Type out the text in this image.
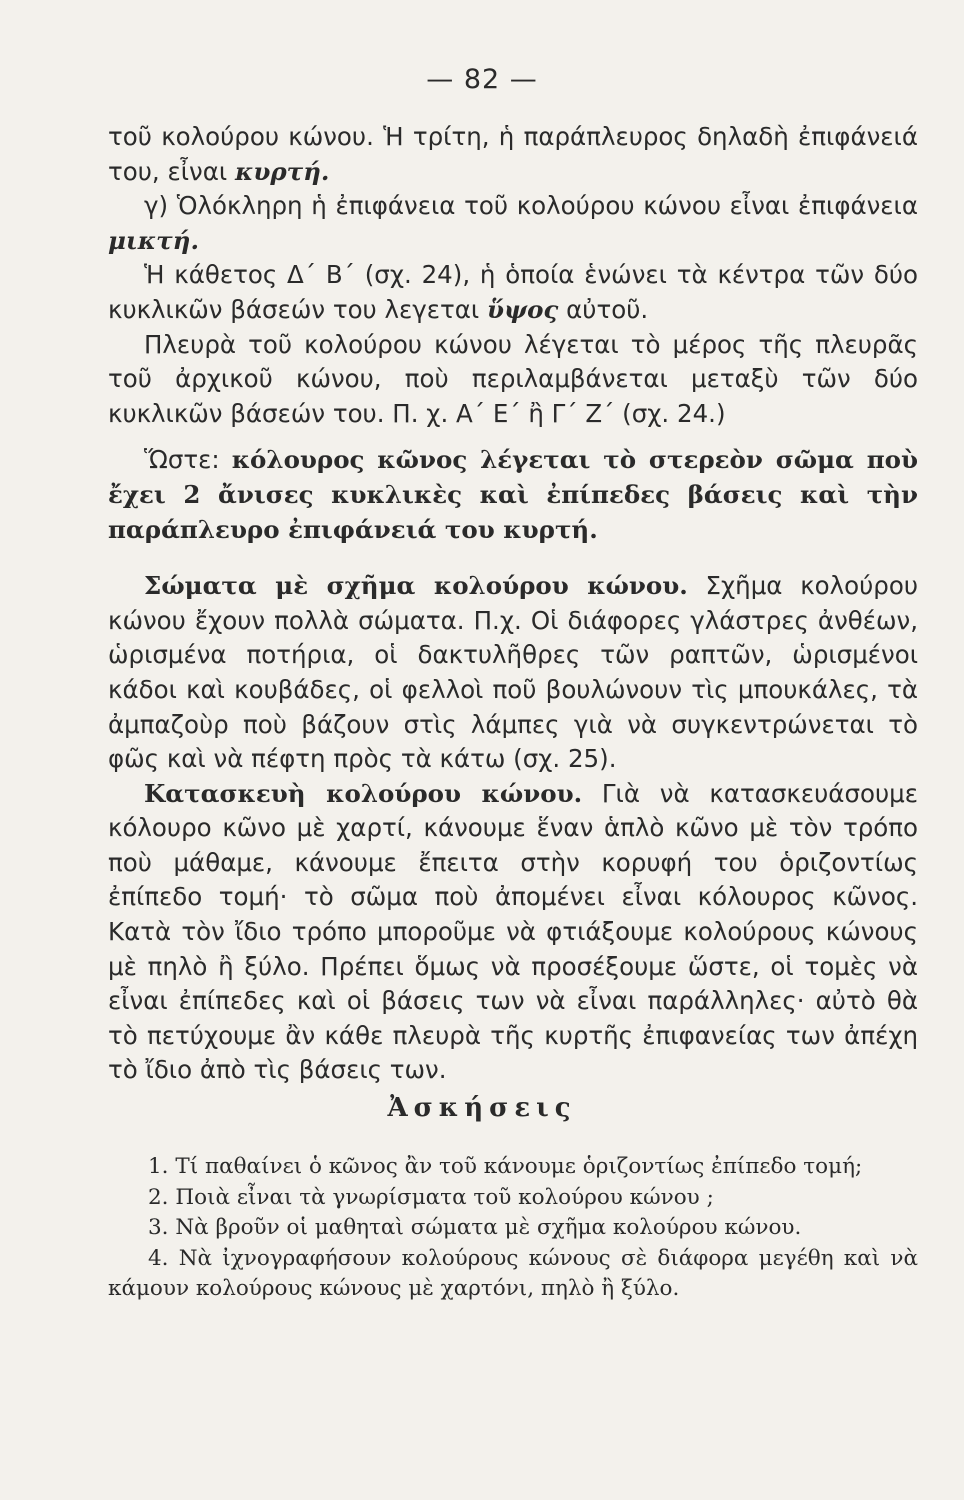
— 82 —

τοῦ κολούρου κώνου. Ἡ τρίτη, ἡ παράπλευρος δηλαδὴ ἐπιφάνειά του, εἶναι κυρτή.

γ) Ὁλόκληρη ἡ ἐπιφάνεια τοῦ κολούρου κώνου εἶναι ἐπιφάνεια μικτή.

Ἡ κάθετος Δ΄ Β΄ (σχ. 24), ἡ ὁποία ἑνώνει τὰ κέντρα τῶν δύο κυκλικῶν βάσεών του λεγεται ὕψος αὐτοῦ.

Πλευρὰ τοῦ κολούρου κώνου λέγεται τὸ μέρος τῆς πλευρᾶς τοῦ ἀρχικοῦ κώνου, ποὺ περιλαμβάνεται μεταξὺ τῶν δύο κυκλικῶν βάσεών του. Π. χ. Α΄ Ε΄ ἢ Γ΄ Ζ΄ (σχ. 24.)

Ὥστε: κόλουρος κῶνος λέγεται τὸ στερεὸν σῶμα ποὺ ἔχει 2 ἄνισες κυκλικὲς καὶ ἐπίπεδες βάσεις καὶ τὴν παράπλευρο ἐπιφάνειά του κυρτή.

Σώματα μὲ σχῆμα κολούρου κώνου. Σχῆμα κολούρου κώνου ἔχουν πολλὰ σώματα. Π.χ. Οἱ διάφορες γλάστρες ἀνθέων, ὡρισμένα ποτήρια, οἱ δακτυλῆθρες τῶν ραπτῶν, ὡρισμένοι κάδοι καὶ κουβάδες, οἱ φελλοὶ ποῦ βουλώνουν τὶς μπουκάλες, τὰ ἀμπαζοὺρ ποὺ βάζουν στὶς λάμπες γιὰ νὰ συγκεντρώνεται τὸ φῶς καὶ νὰ πέφτη πρὸς τὰ κάτω (σχ. 25).

Κατασκευὴ κολούρου κώνου. Γιὰ νὰ κατασκευάσουμε κόλουρο κῶνο μὲ χαρτί, κάνουμε ἕναν ἁπλὸ κῶνο μὲ τὸν τρόπο ποὺ μάθαμε, κάνουμε ἔπειτα στὴν κορυφή του ὁριζοντίως ἐπίπεδο τομή· τὸ σῶμα ποὺ ἀπομένει εἶναι κόλουρος κῶνος. Κατὰ τὸν ἴδιο τρόπο μποροῦμε νὰ φτιάξουμε κολούρους κώνους μὲ πηλὸ ἢ ξύλο. Πρέπει ὅμως νὰ προσέξουμε ὥστε, οἱ τομὲς νὰ εἶναι ἐπίπεδες καὶ οἱ βάσεις των νὰ εἶναι παράλληλες· αὐτὸ θὰ τὸ πετύχουμε ἂν κάθε πλευρὰ τῆς κυρτῆς ἐπιφανείας των ἀπέχη τὸ ἴδιο ἀπὸ τὶς βάσεις των.

Ἀσκήσεις

1. Τί παθαίνει ὁ κῶνος ἂν τοῦ κάνουμε ὁριζοντίως ἐπίπεδο τομή;

2. Ποιὰ εἶναι τὰ γνωρίσματα τοῦ κολούρου κώνου ;

3. Νὰ βροῦν οἱ μαθηταὶ σώματα μὲ σχῆμα κολούρου κώνου.

4. Νὰ ἰχνογραφήσουν κολούρους κώνους σὲ διάφορα μεγέθη καὶ νὰ κάμουν κολούρους κώνους μὲ χαρτόνι, πηλὸ ἢ ξύλο.
